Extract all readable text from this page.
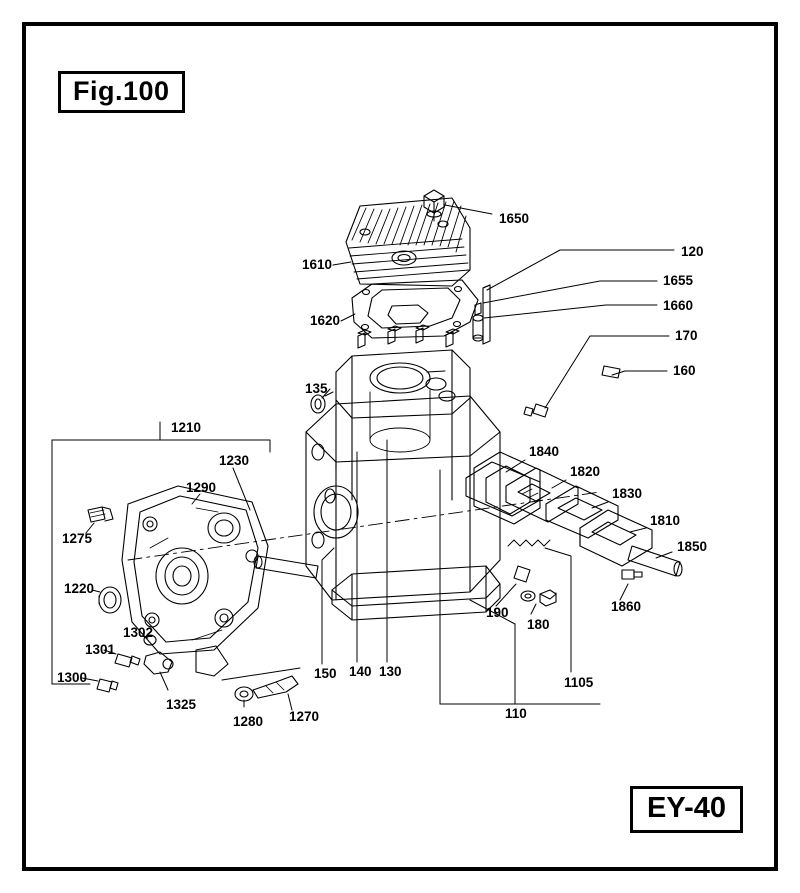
Fig.100
EY-40
1650
1610
1620
120
1655
1660
170
160
135
1210
1230
1290
1840
1820
1830
1810
1850
1275
1220
1302
1301
1300
1325
1280 1270
150 140 130
190
180
1860
1105
110
